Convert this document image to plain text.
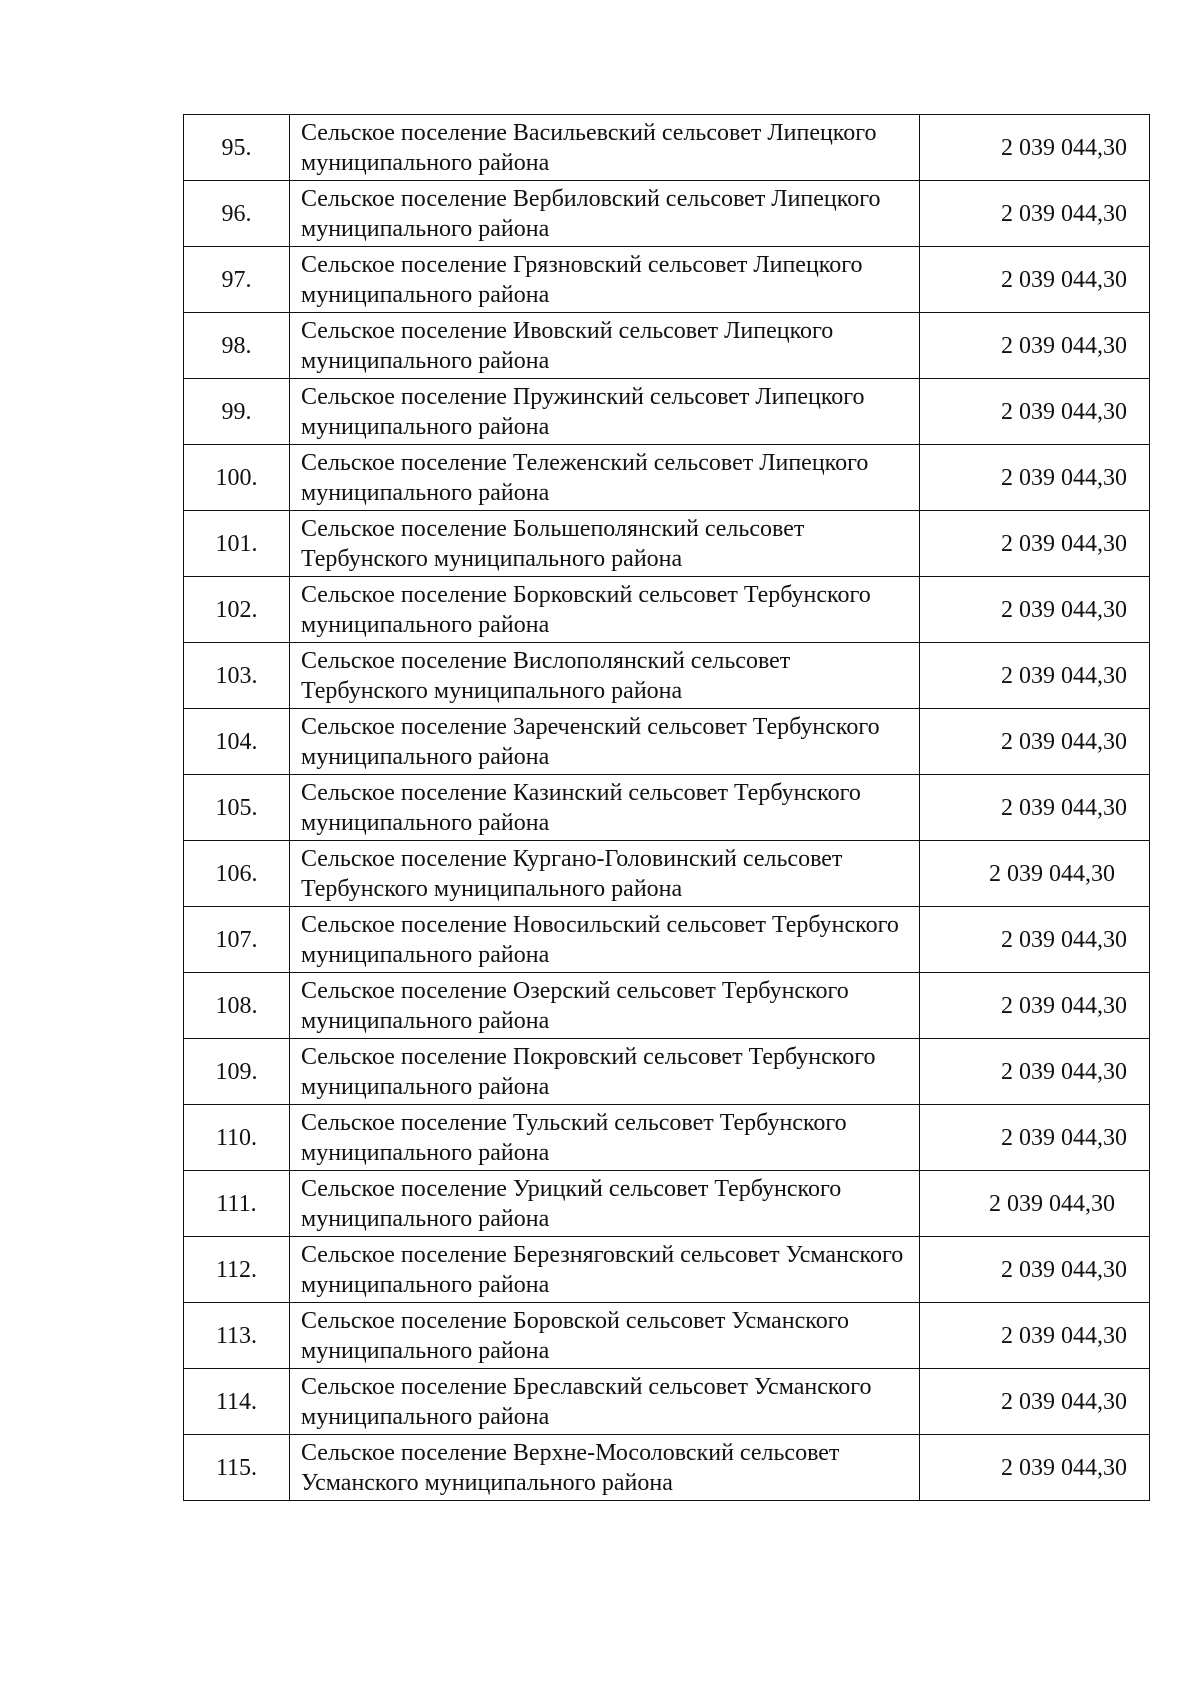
95.	Сельское поселение Васильевский сельсовет Липецкого муниципального района	2 039 044,30
96.	Сельское поселение Вербиловский сельсовет Липецкого муниципального района	2 039 044,30
97.	Сельское поселение Грязновский сельсовет Липецкого муниципального района	2 039 044,30
98.	Сельское поселение Ивовский сельсовет Липецкого муниципального района	2 039 044,30
99.	Сельское поселение Пружинский сельсовет Липецкого муниципального района	2 039 044,30
100.	Сельское поселение Тележенский сельсовет Липецкого муниципального района	2 039 044,30
101.	Сельское поселение Большеполянский сельсовет Тербунского муниципального района	2 039 044,30
102.	Сельское поселение Борковский сельсовет Тербунского муниципального района	2 039 044,30
103.	Сельское поселение Вислополянский сельсовет Тербунского муниципального района	2 039 044,30
104.	Сельское поселение Зареченский сельсовет Тербунского муниципального района	2 039 044,30
105.	Сельское поселение Казинский сельсовет Тербунского муниципального района	2 039 044,30
106.	Сельское поселение Кургано-Головинский сельсовет Тербунского муниципального района	2 039 044,30
107.	Сельское поселение Новосильский сельсовет Тербунского муниципального района	2 039 044,30
108.	Сельское поселение Озерский сельсовет Тербунского муниципального района	2 039 044,30
109.	Сельское поселение Покровский сельсовет Тербунского муниципального района	2 039 044,30
110.	Сельское поселение Тульский сельсовет Тербунского муниципального района	2 039 044,30
111.	Сельское поселение Урицкий сельсовет Тербунского муниципального района	2 039 044,30
112.	Сельское поселение Березняговский сельсовет Усманского муниципального района	2 039 044,30
113.	Сельское поселение Боровской сельсовет Усманского муниципального района	2 039 044,30
114.	Сельское поселение Бреславский сельсовет Усманского муниципального района	2 039 044,30
115.	Сельское поселение Верхне-Мосоловский сельсовет Усманского муниципального района	2 039 044,30
